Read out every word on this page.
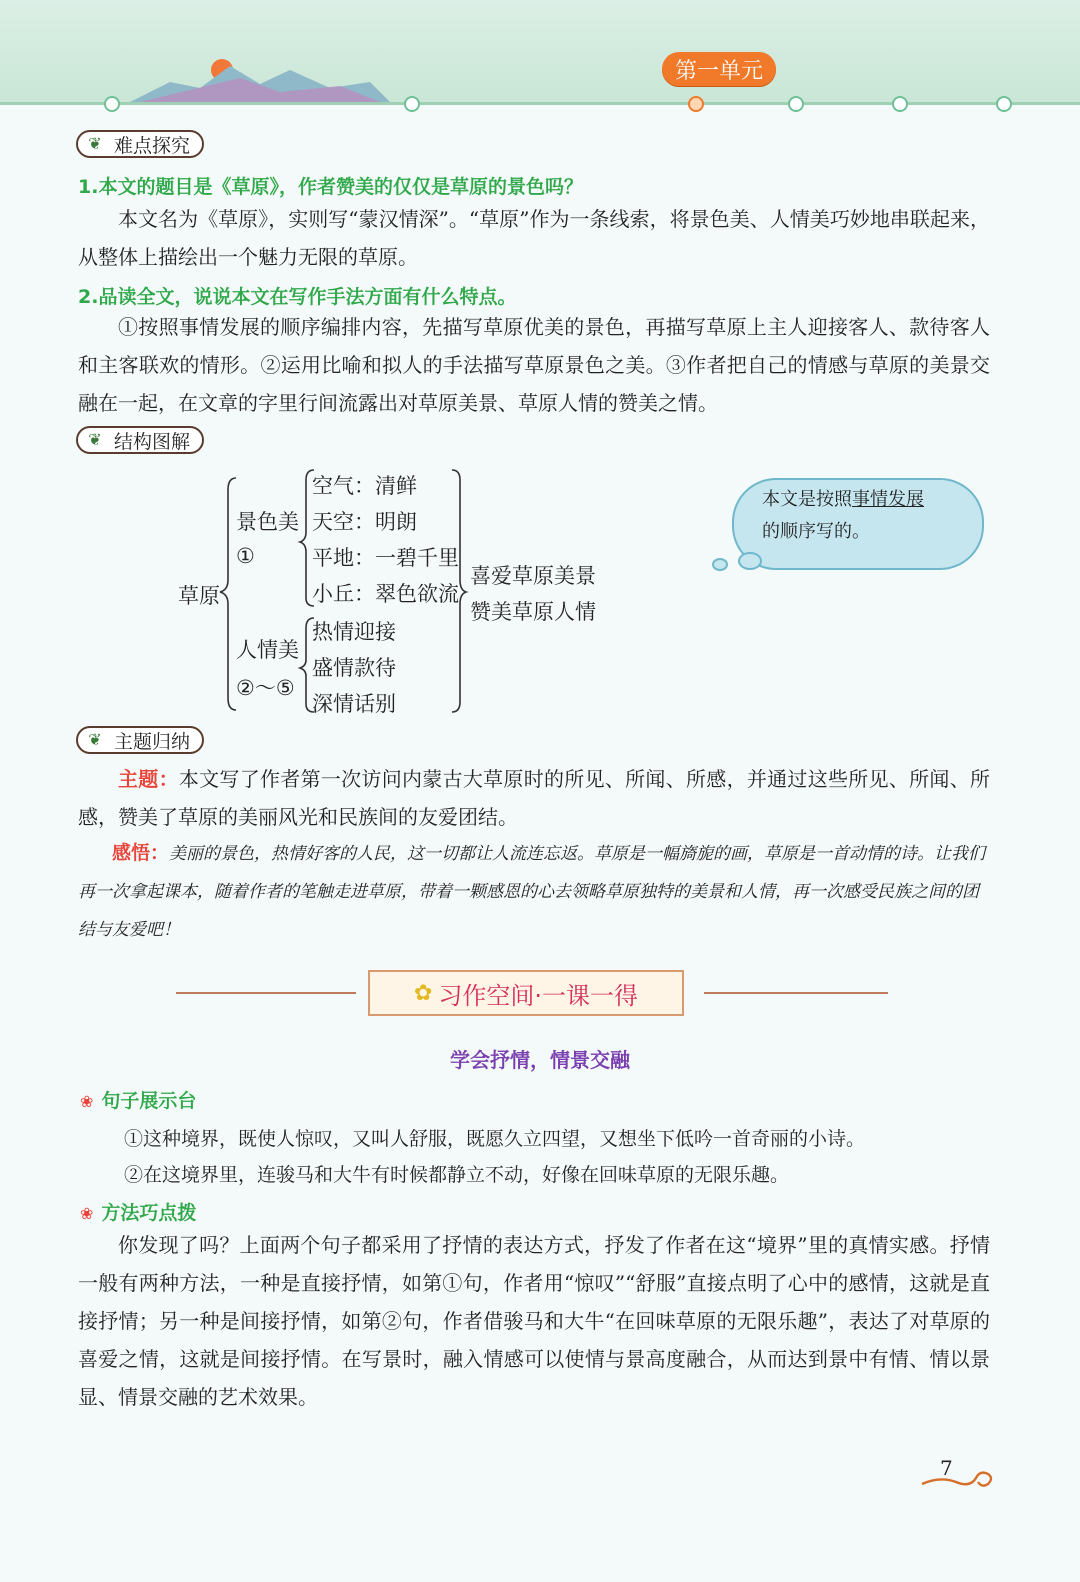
第一单元
❦ 难点探究
1.本文的题目是《草原》，作者赞美的仅仅是草原的景色吗？
本文名为《草原》，实则写“蒙汉情深”。“草原”作为一条线索，将景色美、人情美巧妙地串联起来，从整体上描绘出一个魅力无限的草原。
2.品读全文，说说本文在写作手法方面有什么特点。
①按照事情发展的顺序编排内容，先描写草原优美的景色，再描写草原上主人迎接客人、款待客人和主客联欢的情形。②运用比喻和拟人的手法描写草原景色之美。③作者把自己的情感与草原的美景交融在一起，在文章的字里行间流露出对草原美景、草原人情的赞美之情。
❦ 结构图解
草原
景色美
①
空气：清鲜
天空：明朗
平地：一碧千里
小丘：翠色欲流
人情美
②～⑤
热情迎接
盛情款待
深情话别
喜爱草原美景
赞美草原人情
本文是按照事情发展
的顺序写的。
❦ 主题归纳
主题：本文写了作者第一次访问内蒙古大草原时的所见、所闻、所感，并通过这些所见、所闻、所感，赞美了草原的美丽风光和民族间的友爱团结。
感悟：美丽的景色，热情好客的人民，这一切都让人流连忘返。草原是一幅旖旎的画，草原是一首动情的诗。让我们再一次拿起课本，随着作者的笔触走进草原，带着一颗感恩的心去领略草原独特的美景和人情，再一次感受民族之间的团结与友爱吧！
✿ 习作空间·一课一得
学会抒情，情景交融
❀ 句子展示台
①这种境界，既使人惊叹，又叫人舒服，既愿久立四望，又想坐下低吟一首奇丽的小诗。
②在这境界里，连骏马和大牛有时候都静立不动，好像在回味草原的无限乐趣。
❀ 方法巧点拨
你发现了吗？上面两个句子都采用了抒情的表达方式，抒发了作者在这“境界”里的真情实感。抒情一般有两种方法，一种是直接抒情，如第①句，作者用“惊叹”“舒服”直接点明了心中的感情，这就是直接抒情；另一种是间接抒情，如第②句，作者借骏马和大牛“在回味草原的无限乐趣”，表达了对草原的喜爱之情，这就是间接抒情。在写景时，融入情感可以使情与景高度融合，从而达到景中有情、情以景显、情景交融的艺术效果。
7
